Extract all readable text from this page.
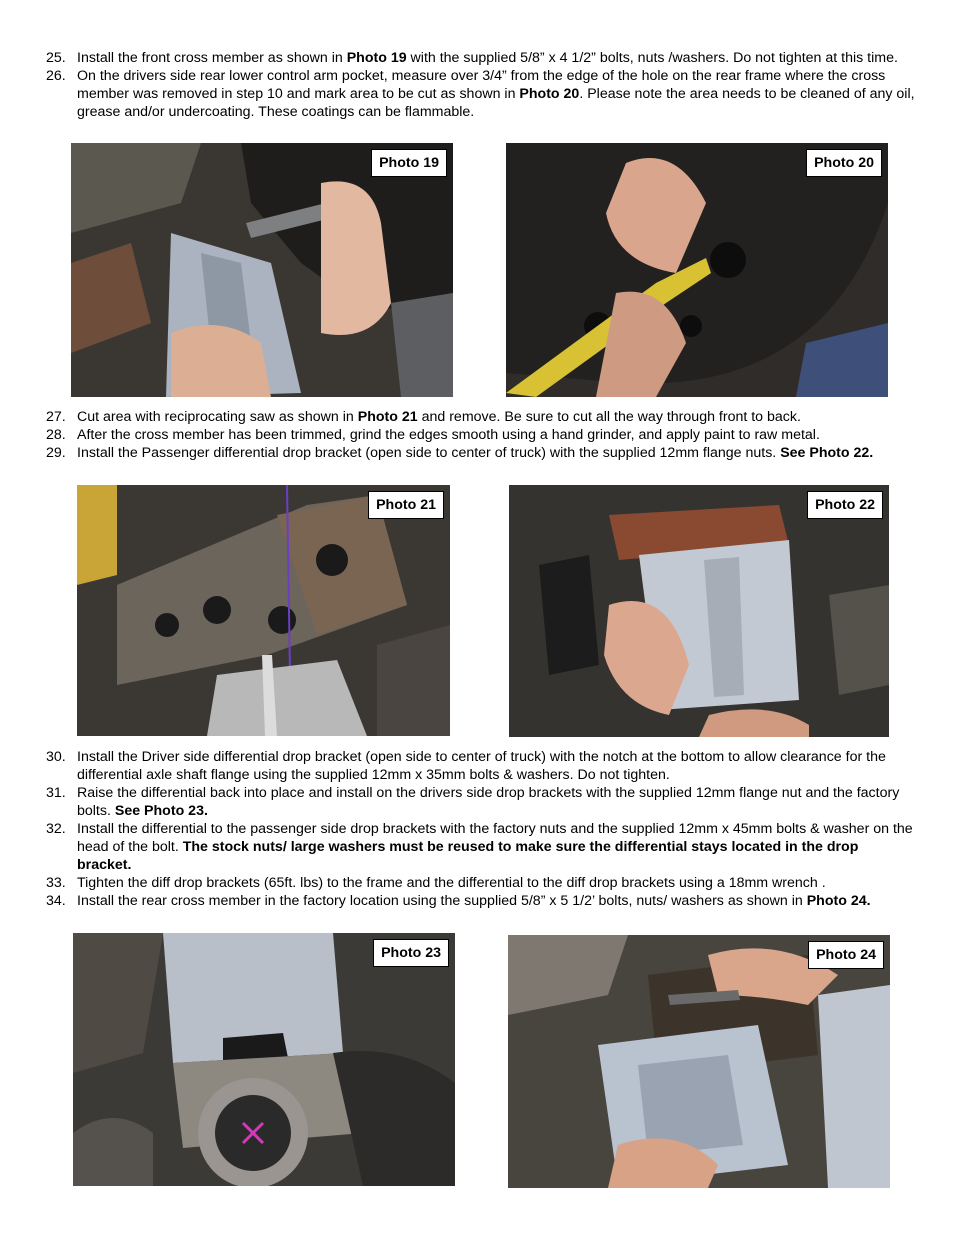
25. Install the front cross member as shown in Photo 19 with the supplied 5/8” x 4 1/2” bolts, nuts /washers. Do not tighten at this time.
26. On the drivers side rear lower control arm pocket, measure over 3/4” from the edge of the hole on the rear frame where the cross member was removed in step 10 and mark area to be cut as shown in Photo 20. Please note the area needs to be cleaned of any oil, grease and/or undercoating. These coatings can be flammable.
Photo 19	Photo 20
27. Cut area with reciprocating saw as shown in Photo 21 and remove. Be sure to cut all the way through front to back.
28. After the cross member has been trimmed, grind the edges smooth using a hand grinder, and apply paint to raw metal.
29. Install the Passenger differential drop bracket (open side to center of truck) with the supplied 12mm flange nuts. See Photo 22.
Photo 21	Photo 22
30. Install the Driver side differential drop bracket (open side to center of truck) with the notch at the bottom to allow clearance for the differential axle shaft flange using the supplied 12mm x 35mm bolts & washers. Do not tighten.
31. Raise the differential back into place and install on the drivers side drop brackets with the supplied 12mm flange nut and the factory bolts. See Photo 23.
32. Install the differential to the passenger side drop brackets with the factory nuts and the supplied 12mm x 45mm bolts & washer on the head of the bolt. The stock nuts/ large washers must be reused to make sure the differential stays located in the drop bracket.
33. Tighten the diff drop brackets (65ft. lbs) to the frame and the differential to the diff drop brackets using a 18mm wrench .
34. Install the rear cross member in the factory location using the supplied 5/8” x 5 1/2’ bolts, nuts/ washers as shown in Photo 24.
Photo 23	Photo 24
